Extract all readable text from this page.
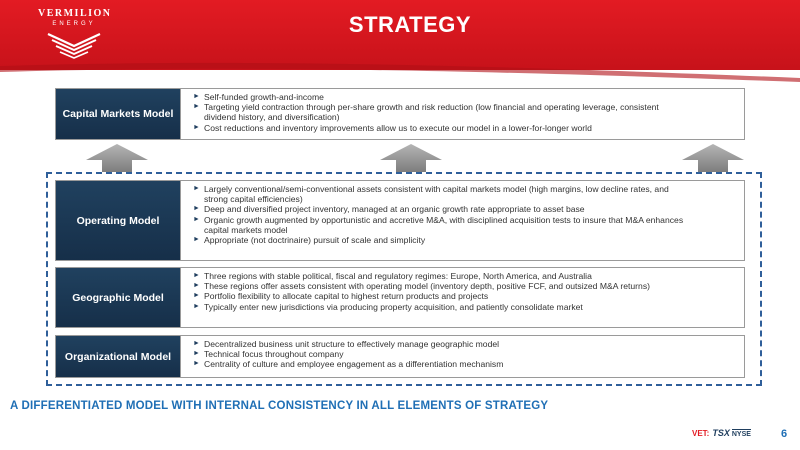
VERMILION
ENERGY	STRATEGY
Capital Markets Model
► Self-funded growth-and-income
► Targeting yield contraction through per-share growth and risk reduction (low financial and operating leverage, consistent
dividend history, and diversification)
► Cost reductions and inventory improvements allow us to execute our model in a lower-for-longer world
Operating Model
► Largely conventional/semi-conventional assets consistent with capital markets model (high margins, low decline rates, and
strong capital efficiencies)
► Deep and diversified project inventory, managed at an organic growth rate appropriate to asset base
► Organic growth augmented by opportunistic and accretive M&A, with disciplined acquisition tests to insure that M&A enhances
capital markets model
► Appropriate (not doctrinaire) pursuit of scale and simplicity
Geographic Model
► Three regions with stable political, fiscal and regulatory regimes: Europe, North America, and Australia
► These regions offer assets consistent with operating model (inventory depth, positive FCF, and outsized M&A returns)
► Portfolio flexibility to allocate capital to highest return products and projects
► Typically enter new jurisdictions via producing property acquisition, and patiently consolidate market
Organizational Model
► Decentralized business unit structure to effectively manage geographic model
► Technical focus throughout company
► Centrality of culture and employee engagement as a differentiation mechanism
A DIFFERENTIATED MODEL WITH INTERNAL CONSISTENCY IN ALL ELEMENTS OF STRATEGY
VET: TSX NYSE	6
